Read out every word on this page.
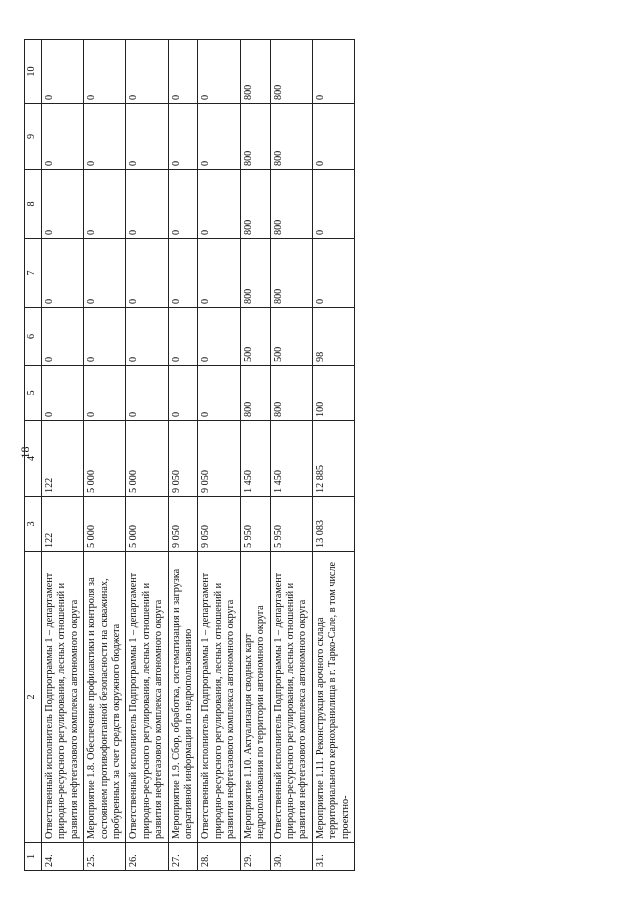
18
1	2	3	4	5	6	7	8	9	10
24.	Ответственный исполнитель Подпрограммы 1 – департамент природно-ресурсного регулирования, лесных отношений и развития нефтегазового комплекса автономного округа	122	122	0	0	0	0	0	0
25.	Мероприятие 1.8. Обеспечение профилактики и контроля за состоянием противофонтанной безопасности на скважинах, пробуренных за счет средств окружного бюджета	5 000	5 000	0	0	0	0	0	0
26.	Ответственный исполнитель Подпрограммы 1 – департамент природно-ресурсного регулирования, лесных отношений и развития нефтегазового комплекса автономного округа	5 000	5 000	0	0	0	0	0	0
27.	Мероприятие 1.9. Сбор, обработка, систематизация и загрузка оперативной информации по недропользованию	9 050	9 050	0	0	0	0	0	0
28.	Ответственный исполнитель Подпрограммы 1 – департамент природно-ресурсного регулирования, лесных отношений и развития нефтегазового комплекса автономного округа	9 050	9 050	0	0	0	0	0	0
29.	Мероприятие 1.10. Актуализация сводных карт недропользования по территории автономного округа	5 950	1 450	800	500	800	800	800	800
30.	Ответственный исполнитель Подпрограммы 1 – департамент природно-ресурсного регулирования, лесных отношений и развития нефтегазового комплекса автономного округа	5 950	1 450	800	500	800	800	800	800
31.	Мероприятие 1.11. Реконструкция арочного склада территориального кернохранилища в г. Тарко-Сале, в том числе проектно-	13 083	12 885	100	98	0	0	0	0
